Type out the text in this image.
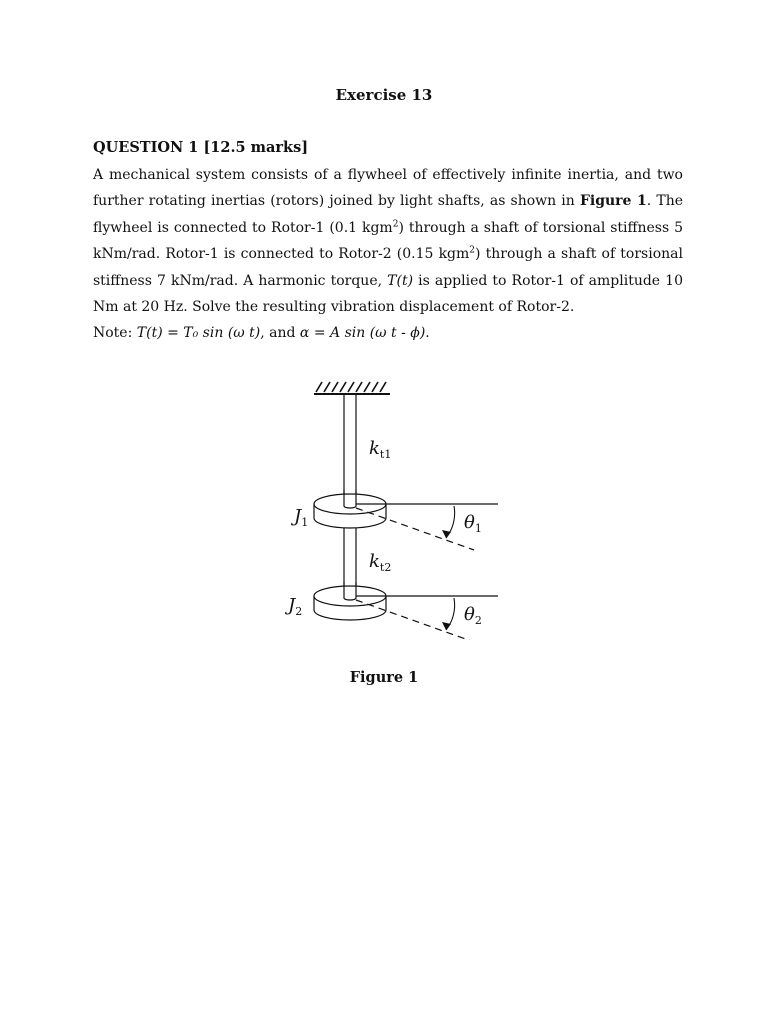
Exercise 13
QUESTION 1 [12.5 marks]
A mechanical system consists of a flywheel of effectively infinite inertia, and two
further rotating inertias (rotors) joined by light shafts, as shown in Figure 1. The
flywheel is connected to Rotor-1 (0.1 kgm$^2$) through a shaft of torsional stiffness 5
kNm/rad. Rotor-1 is connected to Rotor-2 (0.15 kgm$^2$) through a shaft of torsional
stiffness 7 kNm/rad. A harmonic torque, T(t) is applied to Rotor-1 of amplitude 10
Nm at 20 Hz. Solve the resulting vibration displacement of Rotor-2.
Note: T(t) = T₀ sin (ω t), and α = A sin (ω t - ϕ).
$k_{t1}$
$k_{t2}$
$J_1$
$J_2$
$\theta_1$
$\theta_2$

Figure 1
